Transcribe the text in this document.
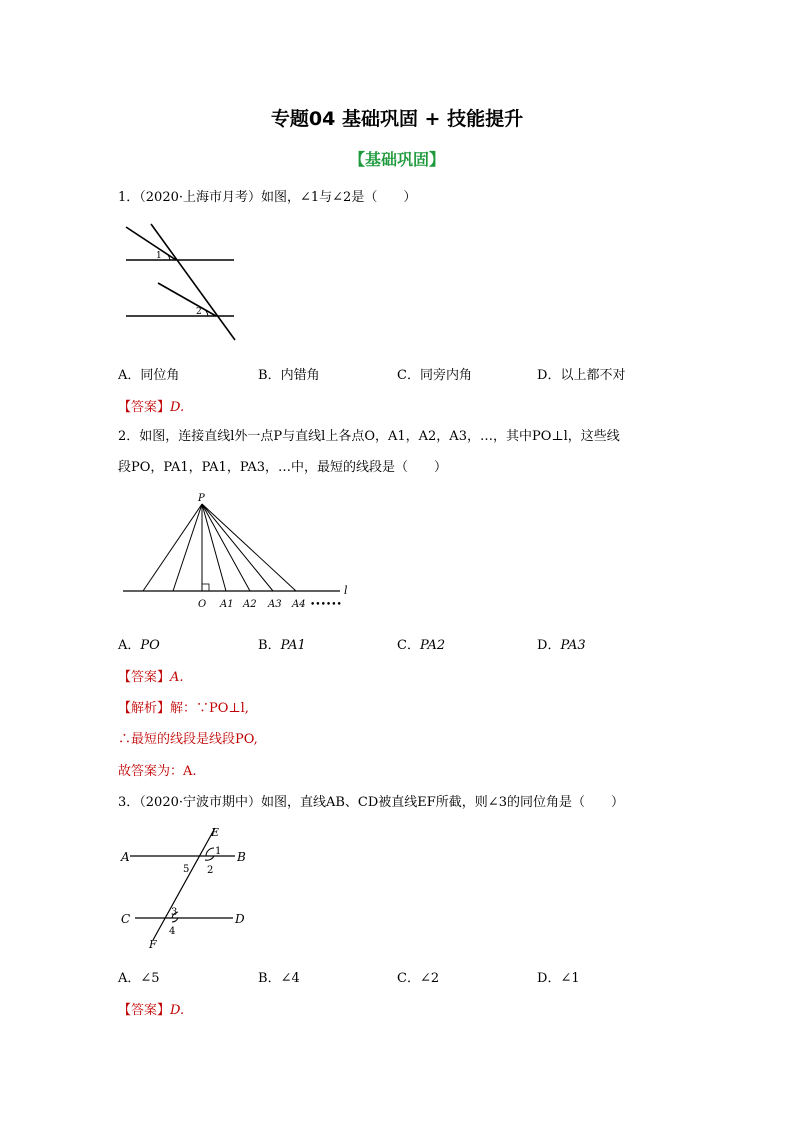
专题04 基础巩固 + 技能提升
【基础巩固】
1．（2020·上海市月考）如图，∠1与∠2是（　　）
1
2
A．同位角	B．内错角	C．同旁内角	D．以上都不对
【答案】D.
2．如图，连接直线l外一点P与直线l上各点O，A1，A2，A3，…，其中PO⊥l，这些线
段PO，PA1，PA1，PA3，…中，最短的线段是（　　）
P
l
O A1 A2 A3 A4 ••••••
A．PO	B．PA1	C．PA2	D．PA3
【答案】A.
【解析】解：∵PO⊥l,
∴最短的线段是线段PO,
故答案为：A.
3．（2020·宁波市期中）如图，直线AB、CD被直线EF所截，则∠3的同位角是（　　）
E
A	B
C	D
F
1
2
3
4
5
A．∠5	B．∠4	C．∠2	D．∠1
【答案】D.
